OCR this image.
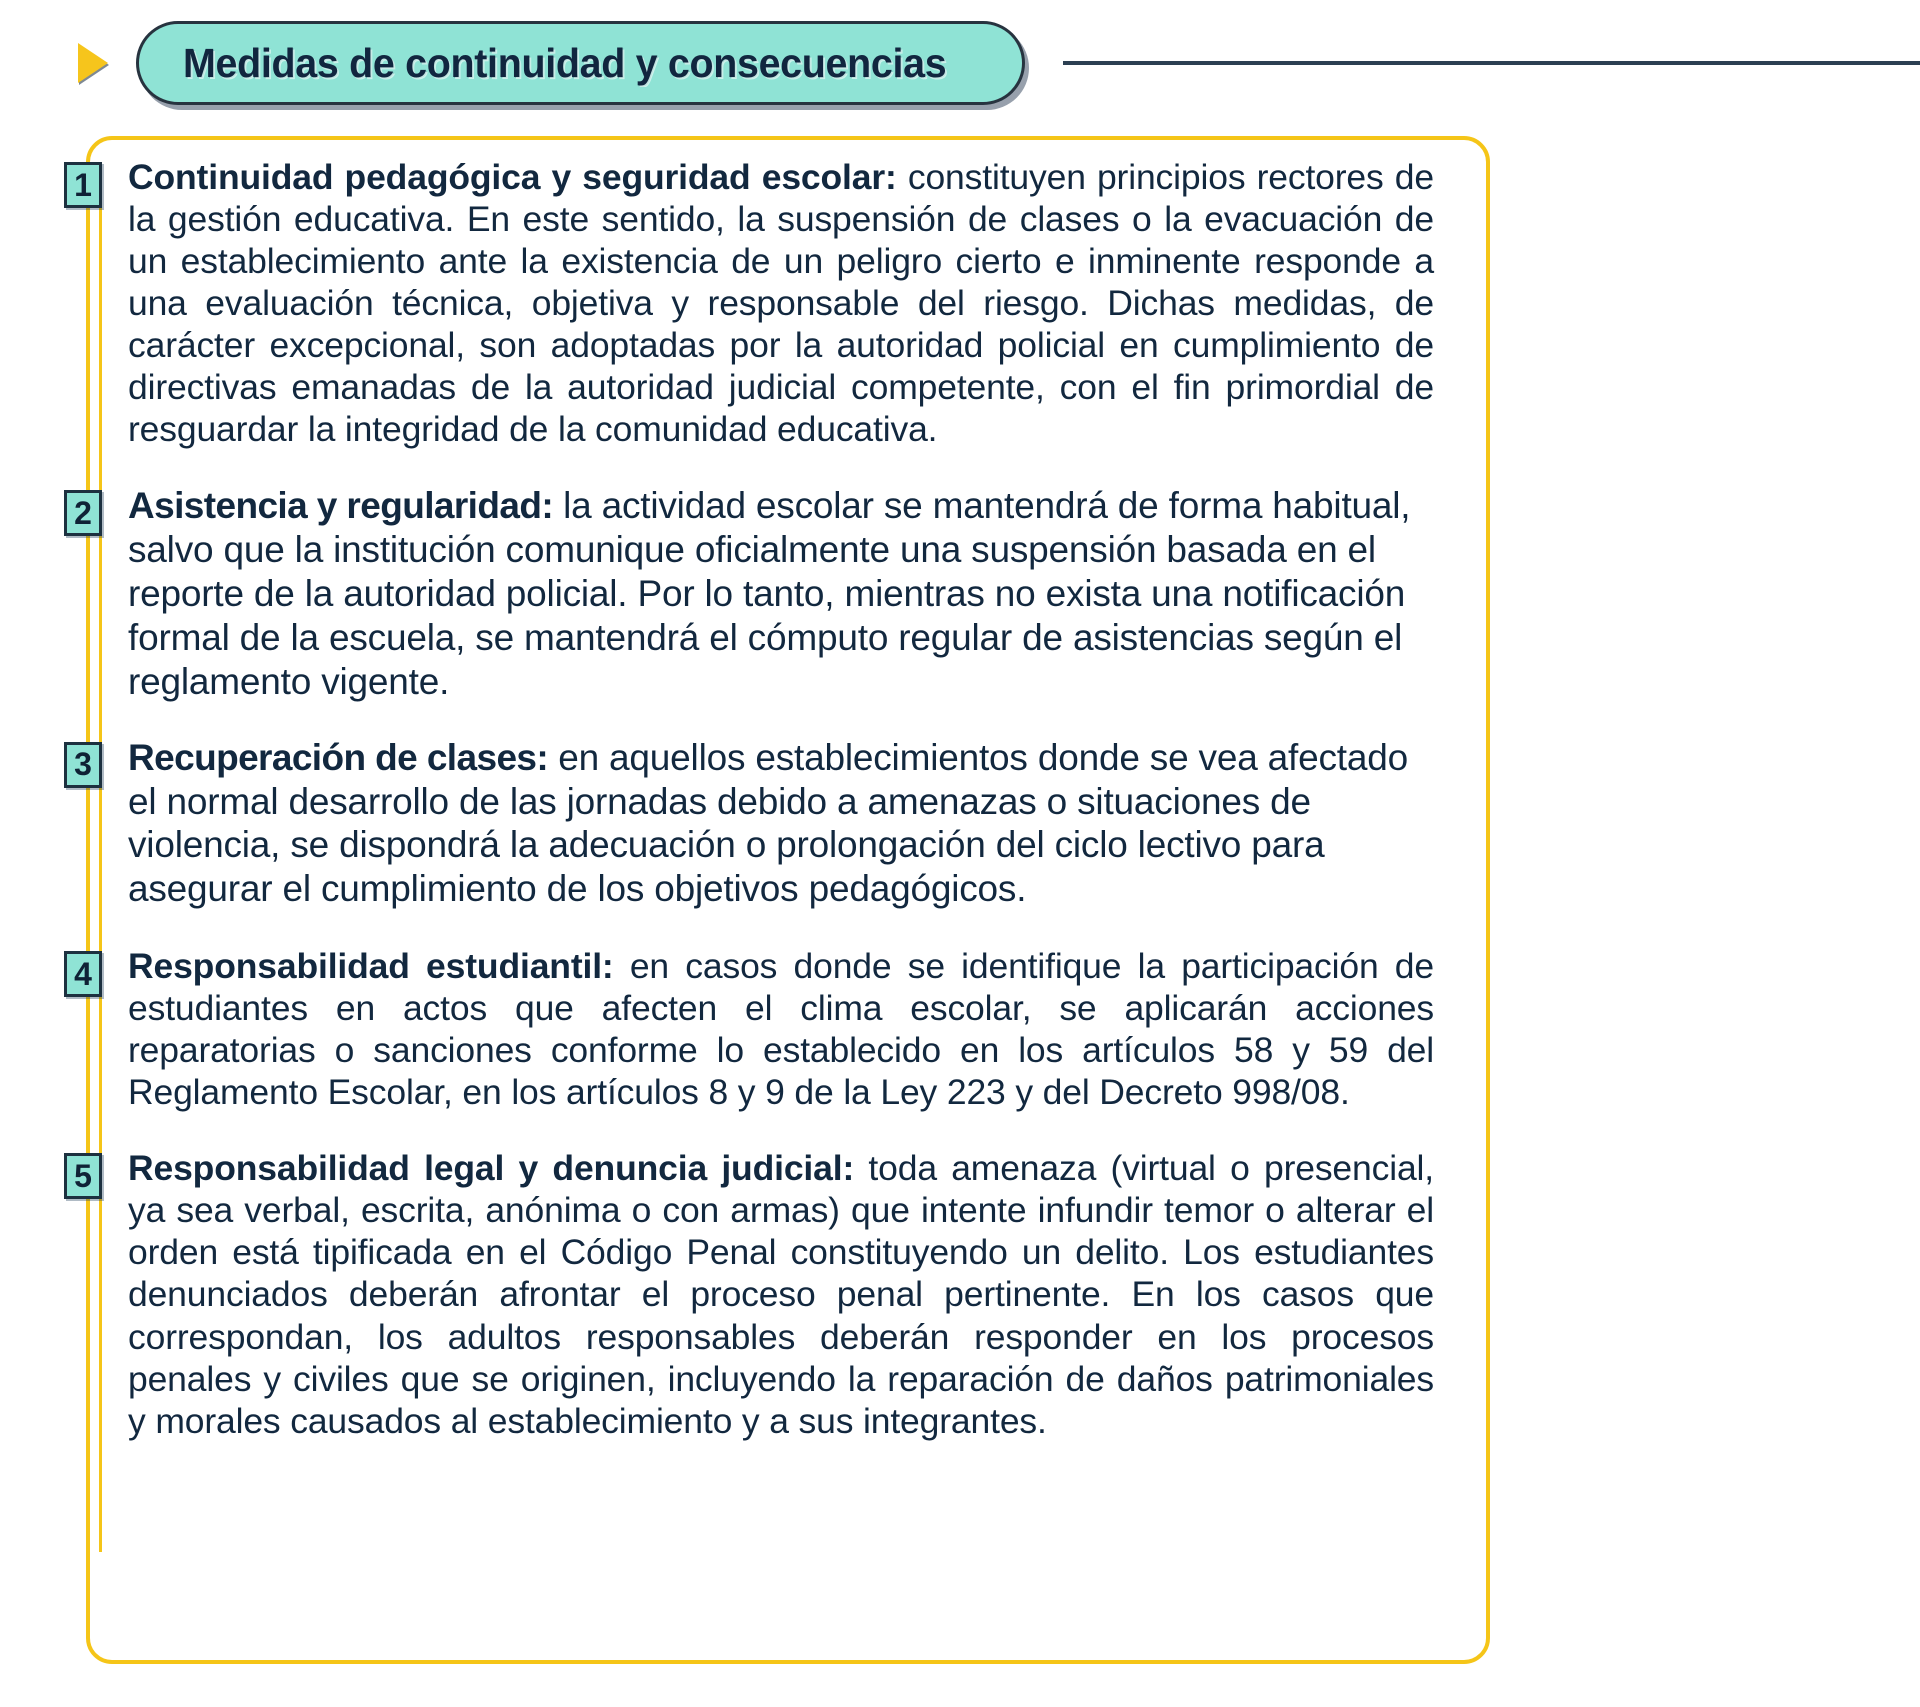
Medidas de continuidad y consecuencias
1 Continuidad pedagógica y seguridad escolar: constituyen principios rectores de la gestión educativa. En este sentido, la suspensión de clases o la evacuación de un establecimiento ante la existencia de un peligro cierto e inminente responde a una evaluación técnica, objetiva y responsable del riesgo. Dichas medidas, de carácter excepcional, son adoptadas por la autoridad policial en cumplimiento de directivas emanadas de la autoridad judicial competente, con el fin primordial de resguardar la integridad de la comunidad educativa.
2 Asistencia y regularidad: la actividad escolar se mantendrá de forma habitual, salvo que la institución comunique oficialmente una suspensión basada en el reporte de la autoridad policial. Por lo tanto, mientras no exista una notificación formal de la escuela, se mantendrá el cómputo regular de asistencias según el reglamento vigente.
3 Recuperación de clases: en aquellos establecimientos donde se vea afectado el normal desarrollo de las jornadas debido a amenazas o situaciones de violencia, se dispondrá la adecuación o prolongación del ciclo lectivo para asegurar el cumplimiento de los objetivos pedagógicos.
4 Responsabilidad estudiantil: en casos donde se identifique la participación de estudiantes en actos que afecten el clima escolar, se aplicarán acciones reparatorias o sanciones conforme lo establecido en los artículos 58 y 59 del Reglamento Escolar, en los artículos 8 y 9 de la Ley 223 y del Decreto 998/08.
5 Responsabilidad legal y denuncia judicial: toda amenaza (virtual o presencial, ya sea verbal, escrita, anónima o con armas) que intente infundir temor o alterar el orden está tipificada en el Código Penal constituyendo un delito. Los estudiantes denunciados deberán afrontar el proceso penal pertinente. En los casos que correspondan, los adultos responsables deberán responder en los procesos penales y civiles que se originen, incluyendo la reparación de daños patrimoniales y morales causados al establecimiento y a sus integrantes.
